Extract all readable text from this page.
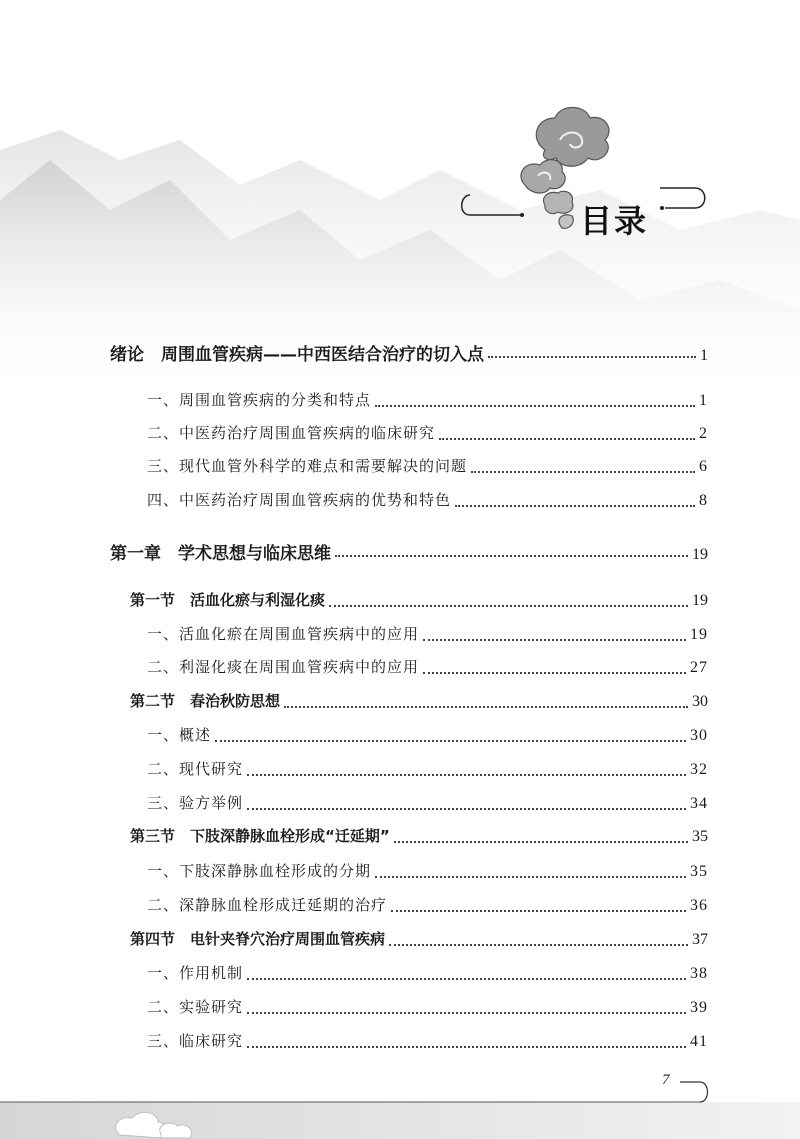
目录
绪论　周围血管疾病——中西医结合治疗的切入点	1
一、周围血管疾病的分类和特点	1
二、中医药治疗周围血管疾病的临床研究	2
三、现代血管外科学的难点和需要解决的问题	6
四、中医药治疗周围血管疾病的优势和特色	8
第一章　学术思想与临床思维	19
第一节　活血化瘀与利湿化痰	19
一、活血化瘀在周围血管疾病中的应用	19
二、利湿化痰在周围血管疾病中的应用	27
第二节　春治秋防思想	30
一、概述	30
二、现代研究	32
三、验方举例	34
第三节　下肢深静脉血栓形成“迁延期”	35
一、下肢深静脉血栓形成的分期	35
二、深静脉血栓形成迁延期的治疗	36
第四节　电针夹脊穴治疗周围血管疾病	37
一、作用机制	38
二、实验研究	39
三、临床研究	41
7
